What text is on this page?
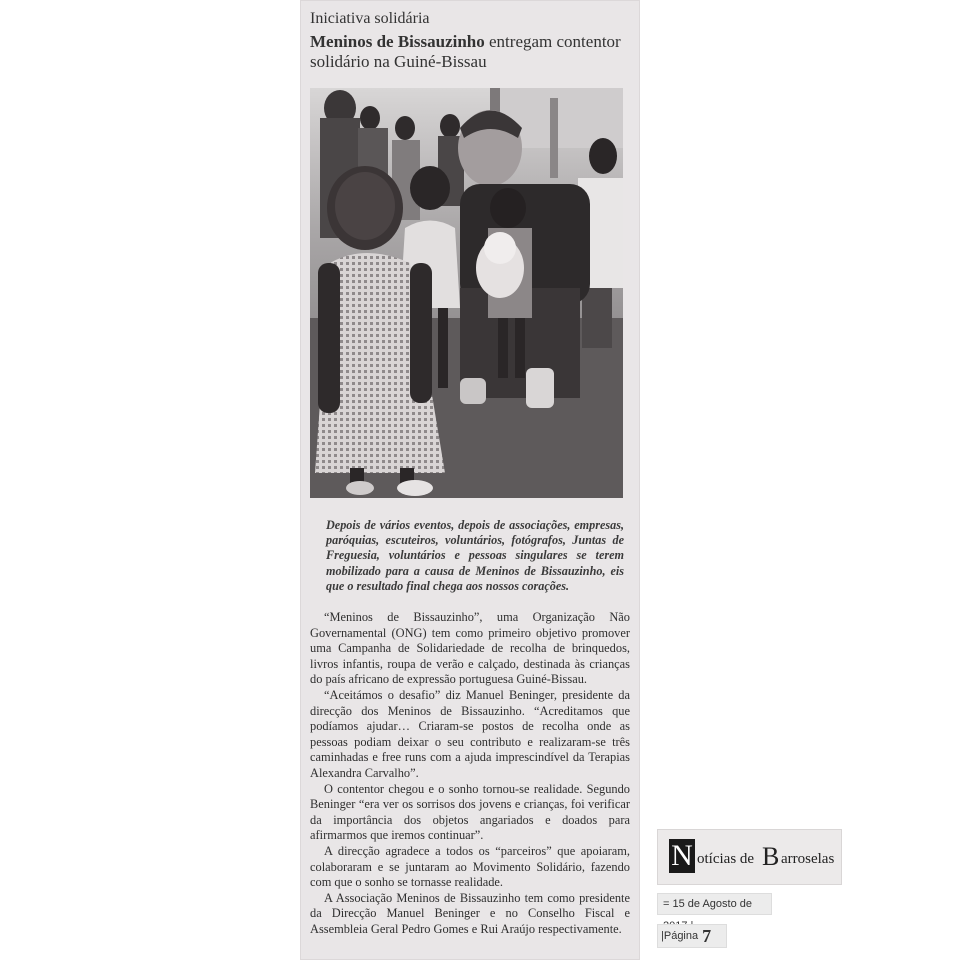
Iniciativa solidária
Meninos de Bissauzinho entregam contentor solidário na Guiné-Bissau
Depois de vários eventos, depois de associações, empresas, paróquias, escuteiros, voluntários, fotógrafos, Juntas de Freguesia, voluntários e pessoas singulares se terem mobilizado para a causa de Meninos de Bissauzinho, eis que o resultado final chega aos nossos corações.

“Meninos de Bissauzinho”, uma Organização Não Governamental (ONG) tem como primeiro objetivo promover uma Campanha de Solidariedade de recolha de brinquedos, livros infantis, roupa de verão e calçado, destinada às crianças do país africano de expressão portuguesa Guiné-Bissau.

“Aceitámos o desafio” diz Manuel Beninger, presidente da direcção dos Meninos de Bissauzinho. “Acreditamos que podíamos ajudar… Criaram-se postos de recolha onde as pessoas podiam deixar o seu contributo e realizaram-se três caminhadas e free runs com a ajuda imprescindível da Terapias Alexandra Carvalho”.

O contentor chegou e o sonho tornou-se realidade. Segundo Beninger “era ver os sorrisos dos jovens e crianças, foi verificar da importância dos objetos angariados e doados para afirmarmos que iremos continuar”.

A direcção agradece a todos os “parceiros” que apoiaram, colaboraram e se juntaram ao Movimento Solidário, fazendo com que o sonho se tornasse realidade.

A Associação Meninos de Bissauzinho tem como presidente da Direcção Manuel Beninger e no Conselho Fiscal e Assembleia Geral Pedro Gomes e Rui Araújo respectivamente.

N otícias de B arroselas
= 15 de Agosto de
|Página 7
